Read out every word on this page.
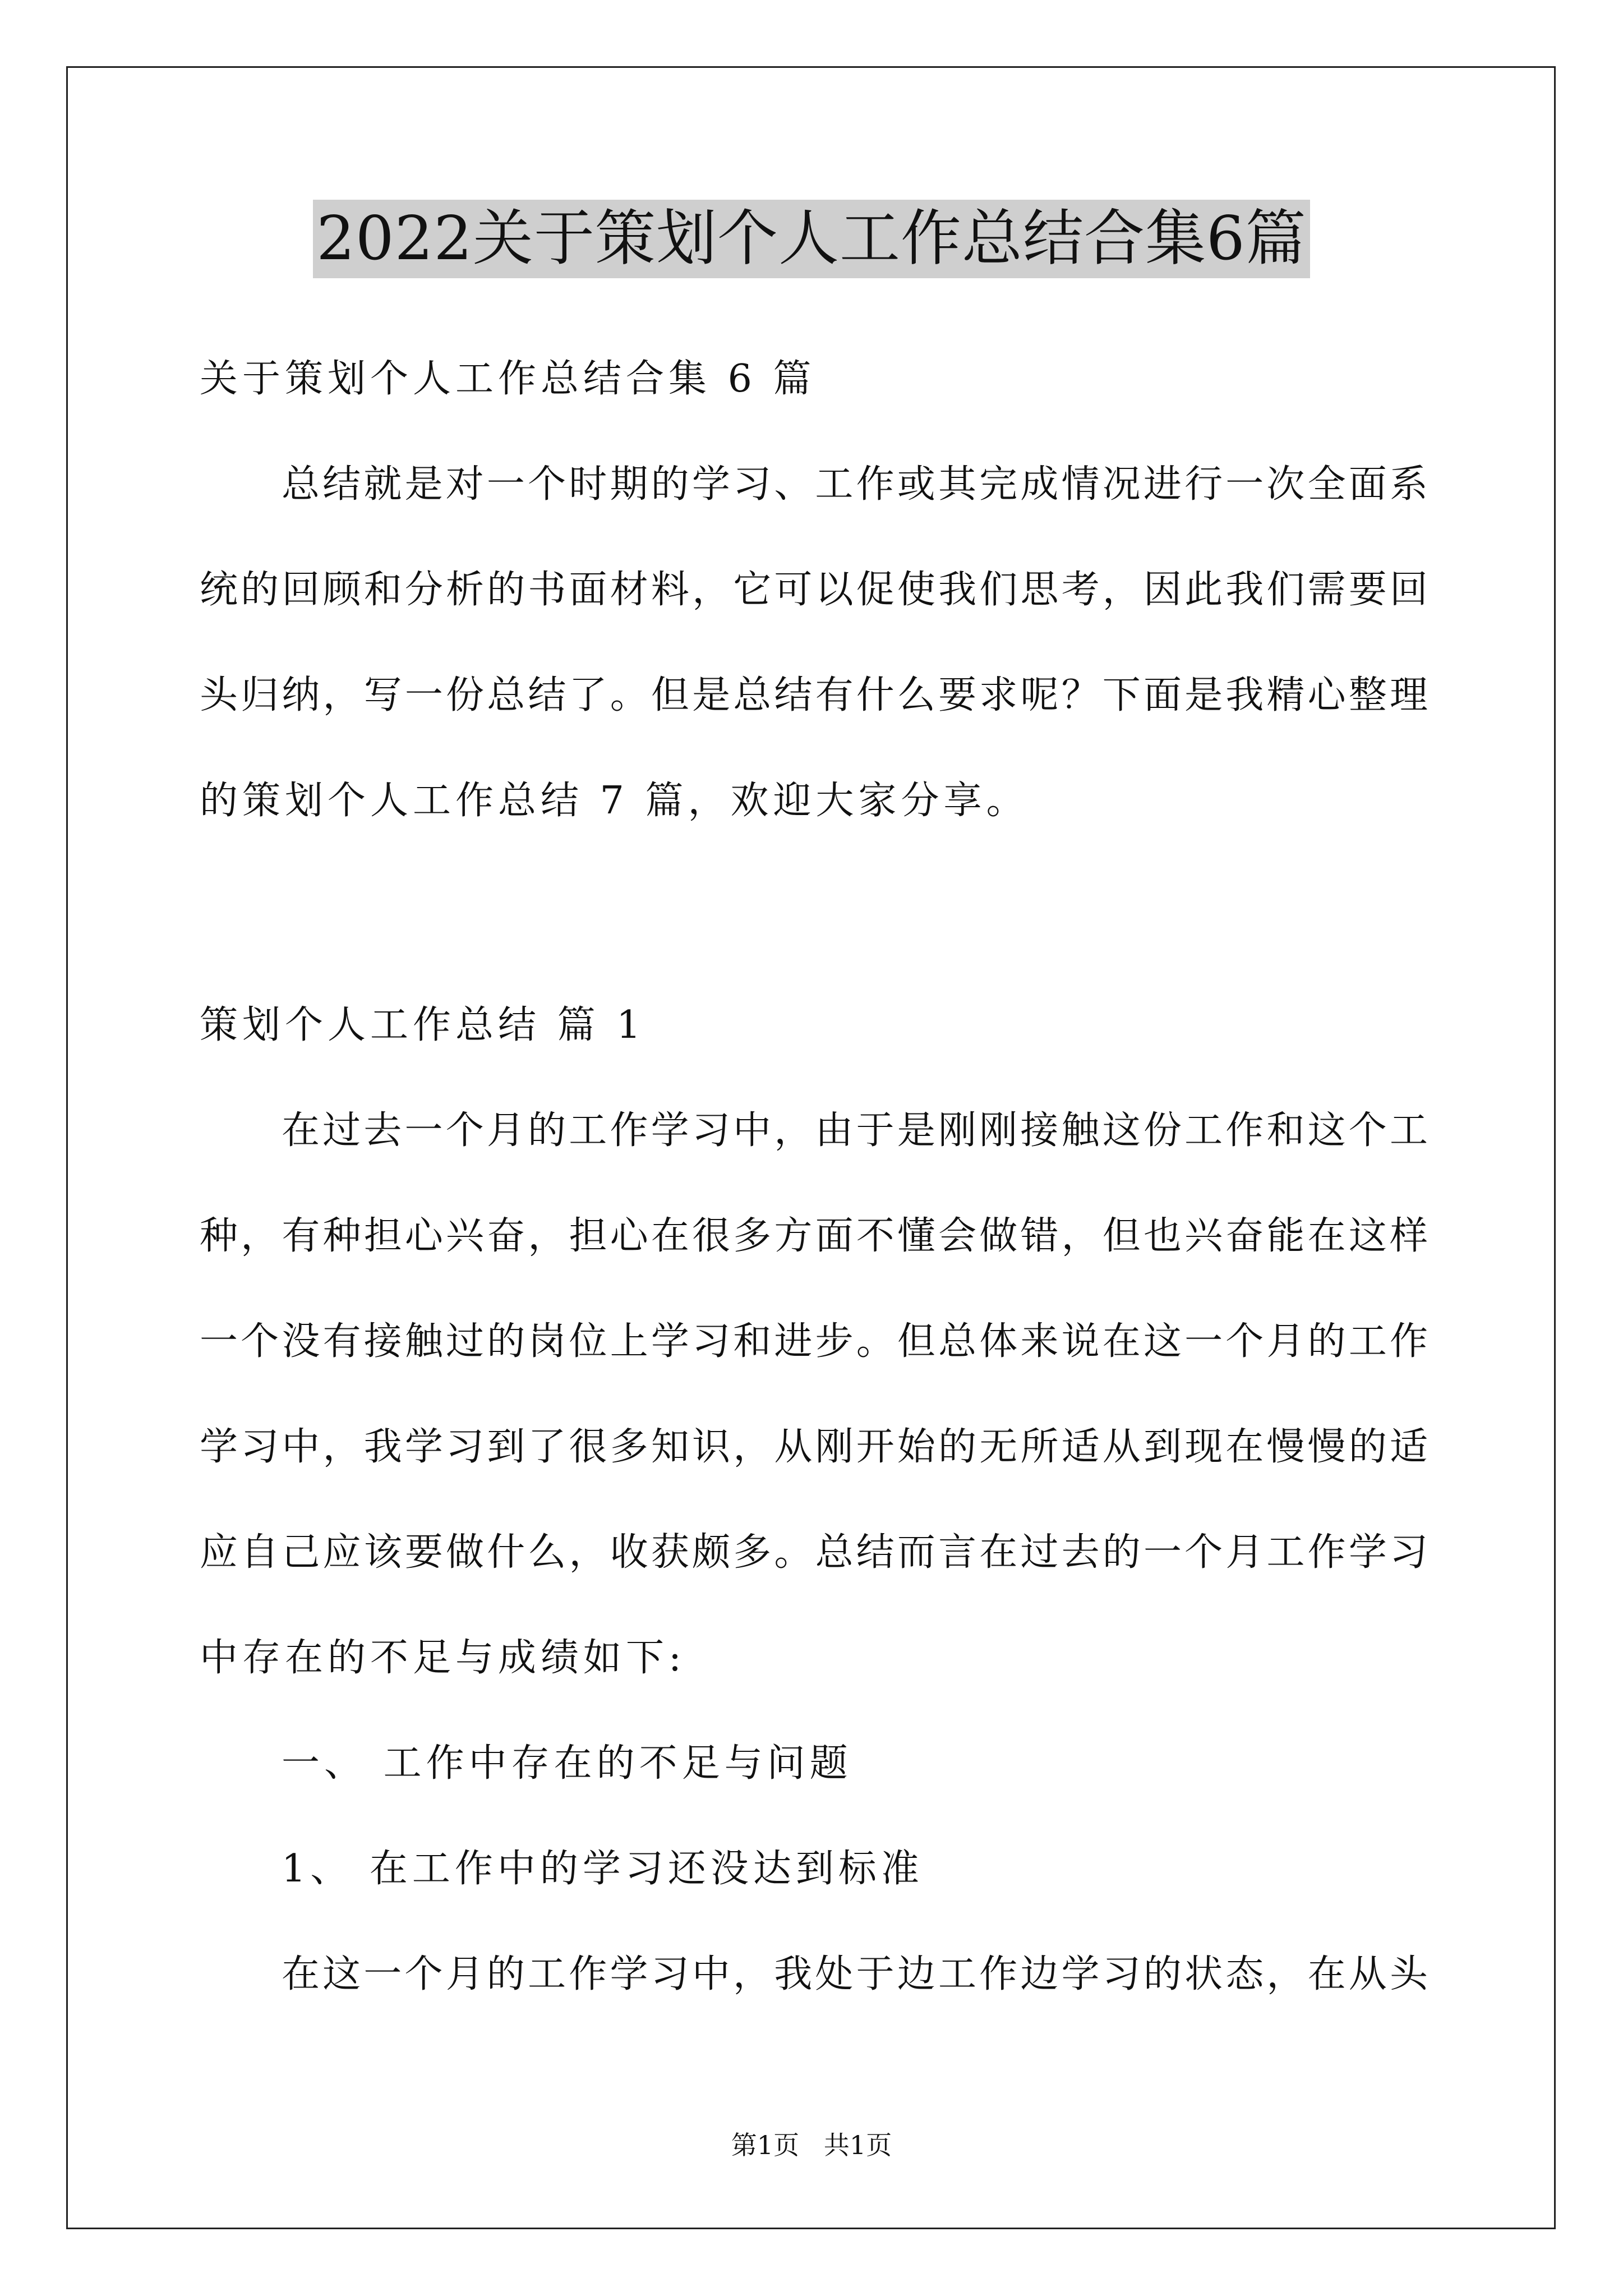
2022关于策划个人工作总结合集6篇
关于策划个人工作总结合集 6 篇
总结就是对一个时期的学习、工作或其完成情况进行一次全面系
统的回顾和分析的书面材料，它可以促使我们思考，因此我们需要回
头归纳，写一份总结了。但是总结有什么要求呢？下面是我精心整理
的策划个人工作总结 7 篇，欢迎大家分享。
策划个人工作总结 篇 1
在过去一个月的工作学习中，由于是刚刚接触这份工作和这个工
种，有种担心兴奋，担心在很多方面不懂会做错，但也兴奋能在这样
一个没有接触过的岗位上学习和进步。但总体来说在这一个月的工作
学习中，我学习到了很多知识，从刚开始的无所适从到现在慢慢的适
应自己应该要做什么，收获颇多。总结而言在过去的一个月工作学习
中存在的不足与成绩如下:
一、 工作中存在的不足与问题
1、 在工作中的学习还没达到标准
在这一个月的工作学习中，我处于边工作边学习的状态，在从头
第1页   共1页
